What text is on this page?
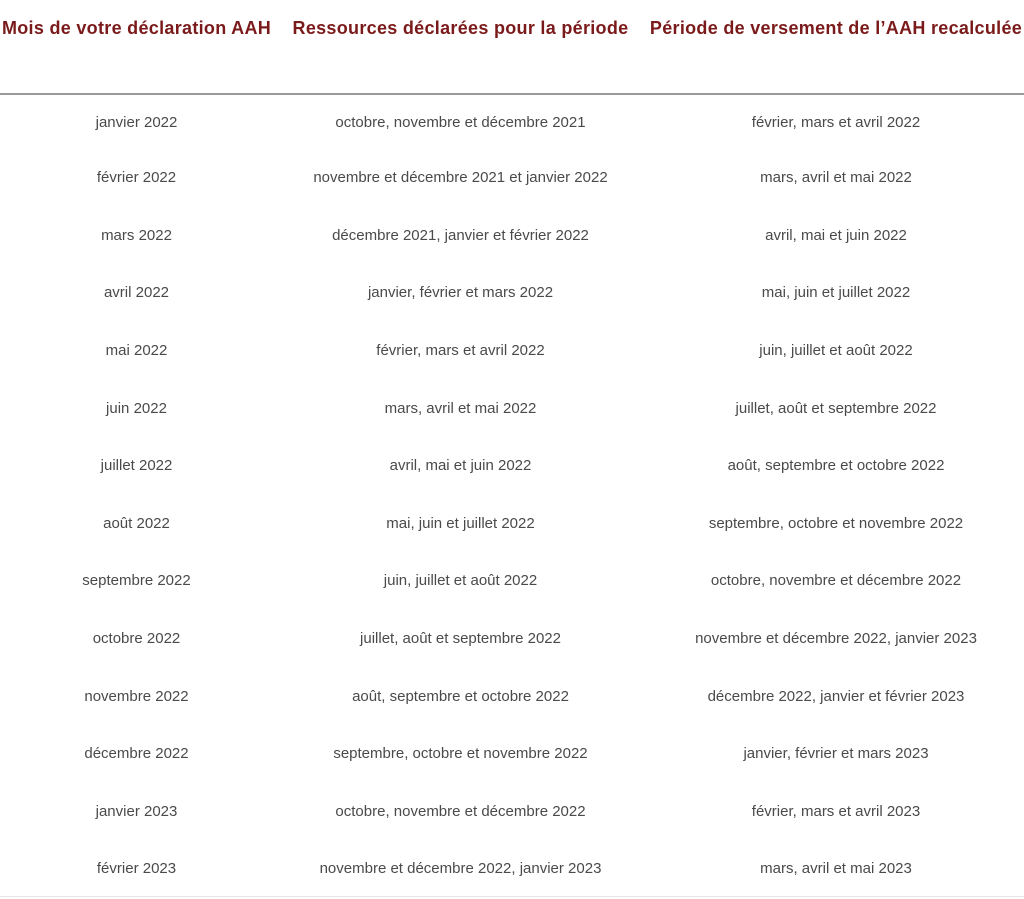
Mois de votre déclaration AAH	Ressources déclarées pour la période	Période de versement de l’AAH recalculée
janvier 2022	octobre, novembre et décembre 2021	février, mars et avril 2022
février 2022	novembre et décembre 2021 et janvier 2022	mars, avril et mai 2022
mars 2022	décembre 2021, janvier et février 2022	avril, mai et juin 2022
avril 2022	janvier, février et mars 2022	mai, juin et juillet 2022
mai 2022	février, mars et avril 2022	juin, juillet et août 2022
juin 2022	mars, avril et mai 2022	juillet, août et septembre 2022
juillet 2022	avril, mai et juin 2022	août, septembre et octobre 2022
août 2022	mai, juin et juillet 2022	septembre, octobre et novembre 2022
septembre 2022	juin, juillet et août 2022	octobre, novembre et décembre 2022
octobre 2022	juillet, août et septembre 2022	novembre et décembre 2022, janvier 2023
novembre 2022	août, septembre et octobre 2022	décembre 2022, janvier et février 2023
décembre 2022	septembre, octobre et novembre 2022	janvier, février et mars 2023
janvier 2023	octobre, novembre et décembre 2022	février, mars et avril 2023
février 2023	novembre et décembre 2022, janvier 2023	mars, avril et mai 2023
